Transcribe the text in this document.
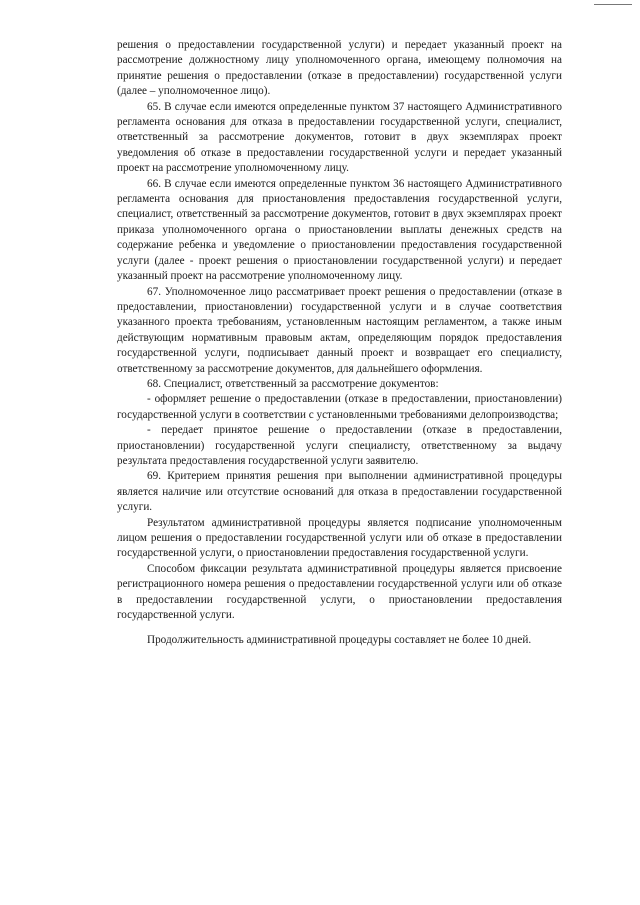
решения о предоставлении государственной услуги) и передает указанный проект на рассмотрение должностному лицу уполномоченного органа, имеющему полномочия на принятие решения о предоставлении (отказе в предоставлении) государственной услуги (далее – уполномоченное лицо).

65. В случае если имеются определенные пунктом 37 настоящего Административного регламента основания для отказа в предоставлении государственной услуги, специалист, ответственный за рассмотрение документов, готовит в двух экземплярах проект уведомления об отказе в предоставлении государственной услуги и передает указанный проект на рассмотрение уполномоченному лицу.

66. В случае если имеются определенные пунктом 36 настоящего Административного регламента основания для приостановления предоставления государственной услуги, специалист, ответственный за рассмотрение документов, готовит в двух экземплярах проект приказа уполномоченного органа о приостановлении выплаты денежных средств на содержание ребенка и уведомление о приостановлении предоставления государственной услуги (далее - проект решения о приостановлении государственной услуги) и передает указанный проект на рассмотрение уполномоченному лицу.

67. Уполномоченное лицо рассматривает проект решения о предоставлении (отказе в предоставлении, приостановлении) государственной услуги и в случае соответствия указанного проекта требованиям, установленным настоящим регламентом, а также иным действующим нормативным правовым актам, определяющим порядок предоставления государственной услуги, подписывает данный проект и возвращает его специалисту, ответственному за рассмотрение документов, для дальнейшего оформления.

68. Специалист, ответственный за рассмотрение документов:

- оформляет решение о предоставлении (отказе в предоставлении, приостановлении) государственной услуги в соответствии с установленными требованиями делопроизводства;

- передает принятое решение о предоставлении (отказе в предоставлении, приостановлении) государственной услуги специалисту, ответственному за выдачу результата предоставления государственной услуги заявителю.

69. Критерием принятия решения при выполнении административной процедуры является наличие или отсутствие оснований для отказа в предоставлении государственной услуги.

Результатом административной процедуры является подписание уполномоченным лицом решения о предоставлении государственной услуги или об отказе в предоставлении государственной услуги, о приостановлении предоставления государственной услуги.

Способом фиксации результата административной процедуры является присвоение регистрационного номера решения о предоставлении государственной услуги или об отказе в предоставлении государственной услуги, о приостановлении предоставления государственной услуги.

Продолжительность административной процедуры составляет не более 10 дней.
